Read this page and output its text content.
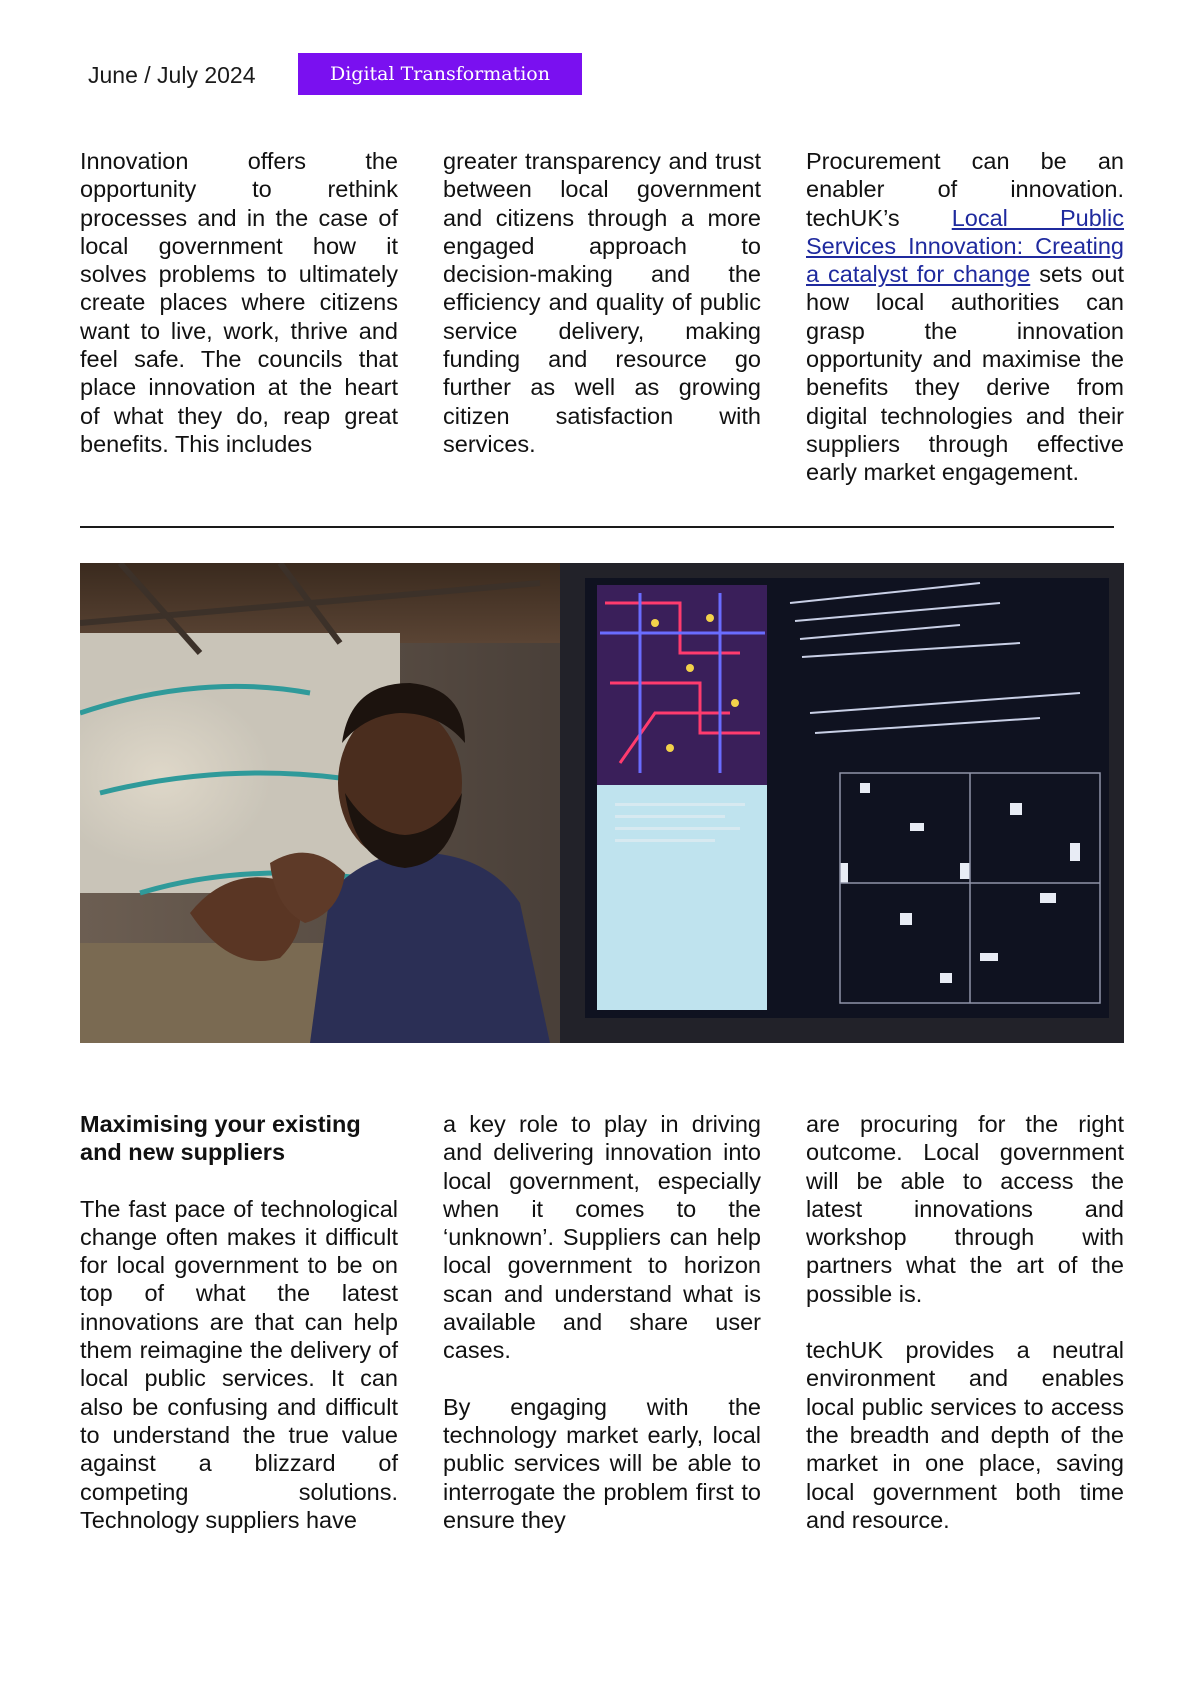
June / July 2024	Digital Transformation

Innovation offers the opportunity to rethink processes and in the case of local government how it solves problems to ultimately create places where citizens want to live, work, thrive and feel safe. The councils that place innovation at the heart of what they do, reap great benefits. This includes

greater transparency and trust between local government and citizens through a more engaged approach to decision-making and the efficiency and quality of public service delivery, making funding and resource go further as well as growing citizen satisfaction with services.

Procurement can be an enabler of innovation. techUK’s Local Public Services Innovation: Creating a catalyst for change sets out how local authorities can grasp the innovation opportunity and maximise the benefits they derive from digital technologies and their suppliers through effective early market engagement.

Maximising your existing and new suppliers

The fast pace of technological change often makes it difficult for local government to be on top of what the latest innovations are that can help them reimagine the delivery of local public services. It can also be confusing and difficult to understand the true value against a blizzard of competing solutions. Technology suppliers have

a key role to play in driving and delivering innovation into local government, especially when it comes to the ‘unknown’. Suppliers can help local government to horizon scan and understand what is available and share user cases.

By engaging with the technology market early, local public services will be able to interrogate the problem first to ensure they

are procuring for the right outcome. Local government will be able to access the latest innovations and workshop through with partners what the art of the possible is.

techUK provides a neutral environment and enables local public services to access the breadth and depth of the market in one place, saving local government both time and resource.
